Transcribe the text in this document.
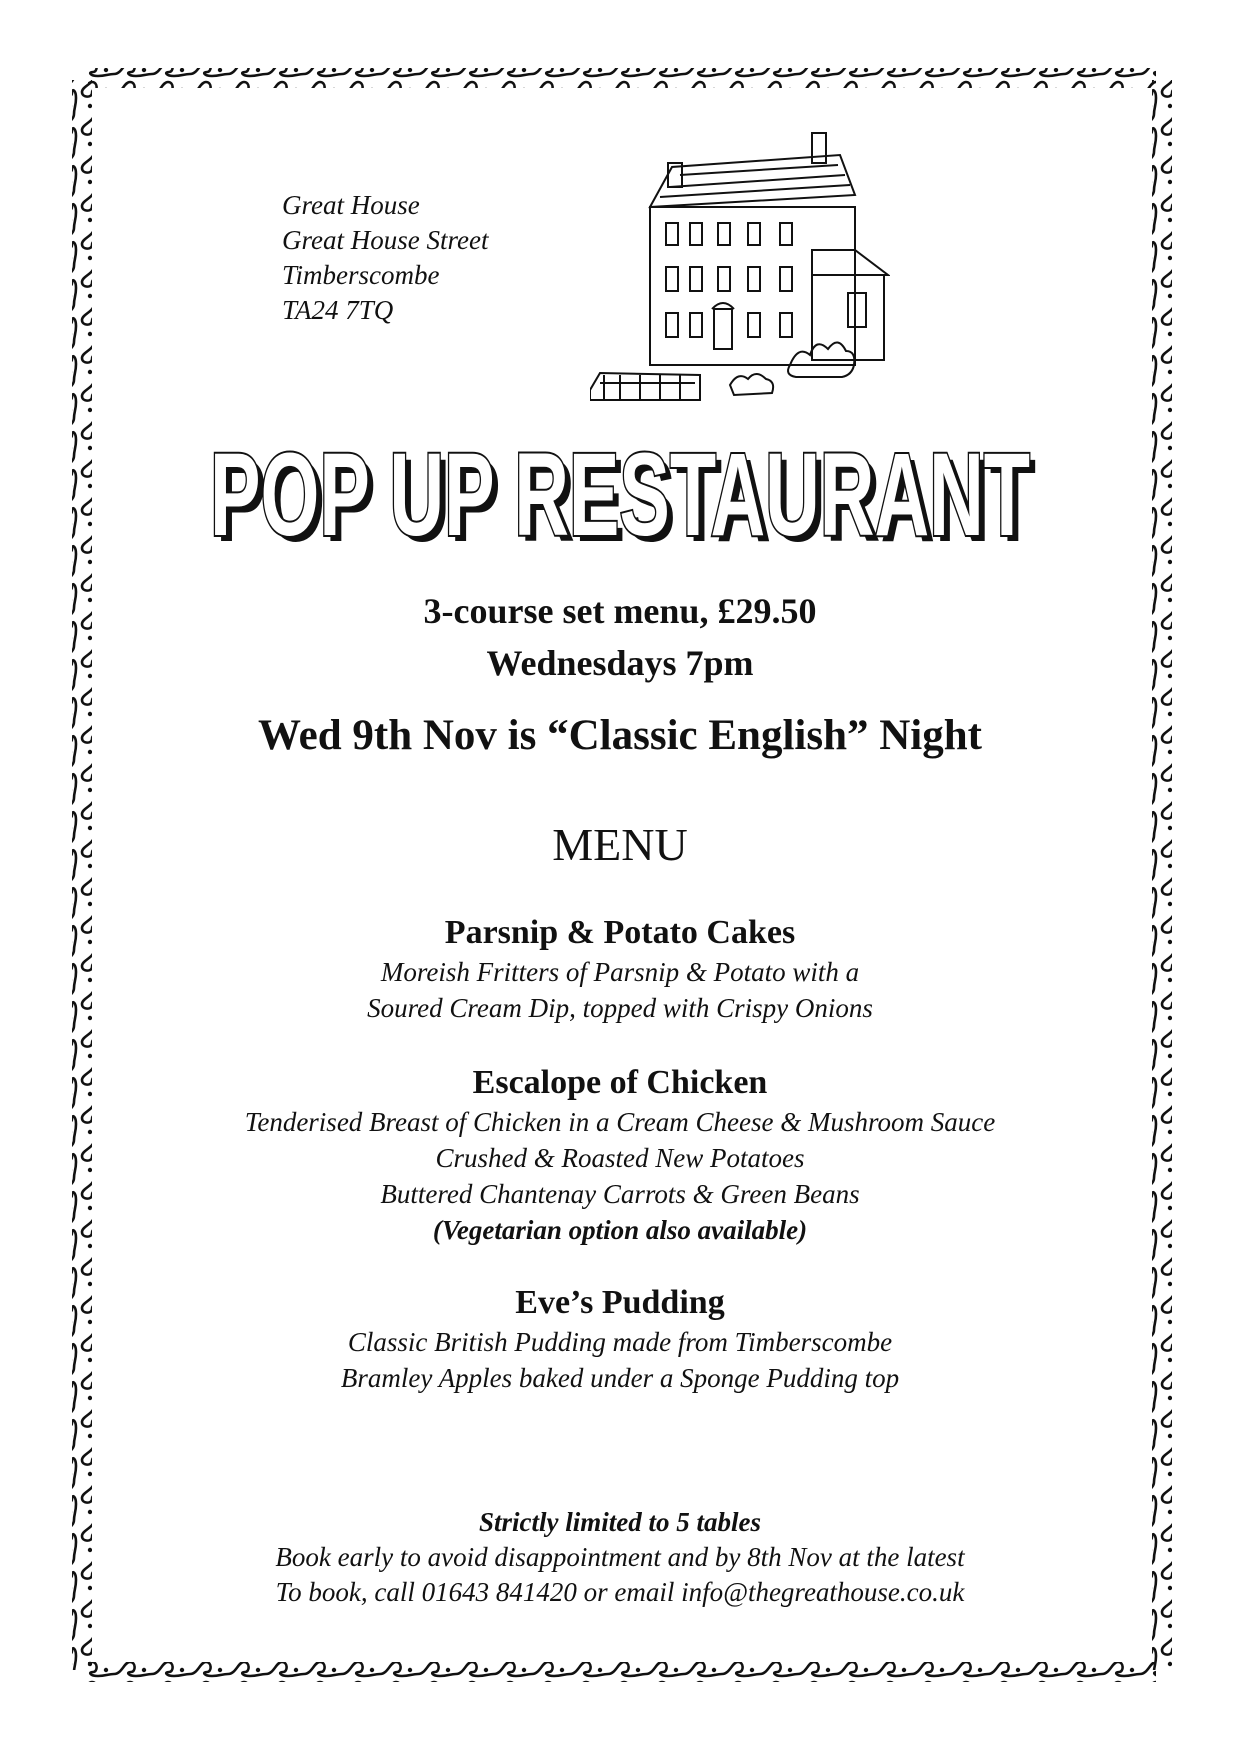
Great House
Great House Street
Timberscombe
TA24 7TQ
POP UP RESTAURANT
POP UP RESTAURANT
3-course set menu, £29.50
Wednesdays 7pm
Wed 9th Nov is “Classic English” Night
MENU
Parsnip & Potato Cakes
Moreish Fritters of Parsnip & Potato with a
Soured Cream Dip, topped with Crispy Onions
Escalope of Chicken
Tenderised Breast of Chicken in a Cream Cheese & Mushroom Sauce
Crushed & Roasted New Potatoes
Buttered Chantenay Carrots & Green Beans
(Vegetarian option also available)
Eve’s Pudding
Classic British Pudding made from Timberscombe
Bramley Apples baked under a Sponge Pudding top
Strictly limited to 5 tables
Book early to avoid disappointment and by 8th Nov at the latest
To book, call 01643 841420 or email info@thegreathouse.co.uk
